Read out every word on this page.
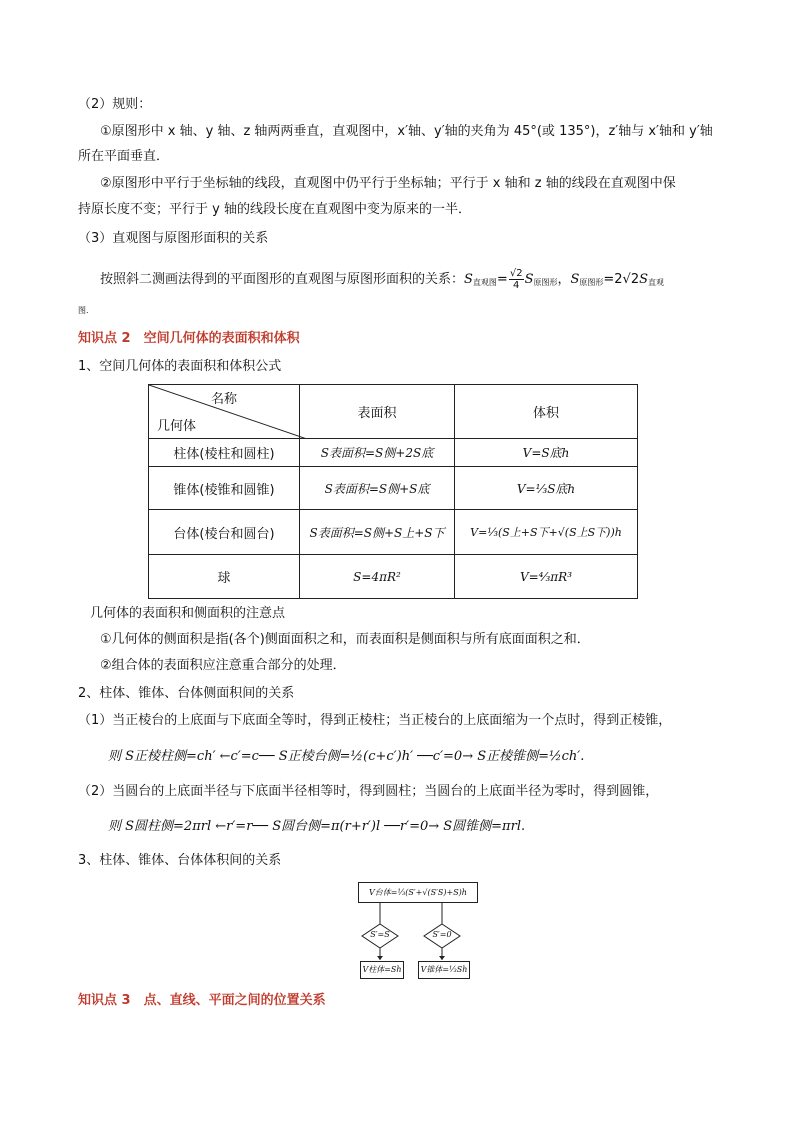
（2）规则：
①原图形中 x 轴、y 轴、z 轴两两垂直，直观图中，x′轴、y′轴的夹角为 45°(或 135°)，z′轴与 x′轴和 y′轴
所在平面垂直．
②原图形中平行于坐标轴的线段，直观图中仍平行于坐标轴；平行于 x 轴和 z 轴的线段在直观图中保
持原长度不变；平行于 y 轴的线段长度在直观图中变为原来的一半．
（3）直观图与原图形面积的关系
按照斜二测画法得到的平面图形的直观图与原图形面积的关系：$S_{直观图}= \frac{√2}{4} S_{原图形}$，$S_{原图形}=2√2S_{直观}$
图.
知识点 2　空间几何体的表面积和体积
1、空间几何体的表面积和体积公式
名称
几何体	表面积	体积
柱体(棱柱和圆柱)	S表面积=S侧+2S底	V=S底h
锥体(棱锥和圆锥)	S表面积=S侧+S底	V=⅓S底h
台体(棱台和圆台)	S表面积=S侧+S上+S下	V=⅓(S上+S下+√(S上S下))h
球	S=4πR²	V=⁴⁄₃πR³
几何体的表面积和侧面积的注意点
①几何体的侧面积是指(各个)侧面面积之和，而表面积是侧面积与所有底面面积之和．
②组合体的表面积应注意重合部分的处理．
2、柱体、锥体、台体侧面积间的关系
（1）当正棱台的上底面与下底面全等时，得到正棱柱；当正棱台的上底面缩为一个点时，得到正棱锥，
则 S正棱柱侧=ch′ ←c′=c── S正棱台侧=½(c+c′)h′ ──c′=0→ S正棱锥侧=½ch′.
（2）当圆台的上底面半径与下底面半径相等时，得到圆柱；当圆台的上底面半径为零时，得到圆锥，
则 S圆柱侧=2πrl ←r′=r── S圆台侧=π(r+r′)l ──r′=0→ S圆锥侧=πrl.
3、柱体、锥体、台体体积间的关系
V台体=⅓(S′+√(S′S)+S)h
S′=S	S′=0
V柱体=Sh	V锥体=⅓Sh
知识点 3　点、直线、平面之间的位置关系
